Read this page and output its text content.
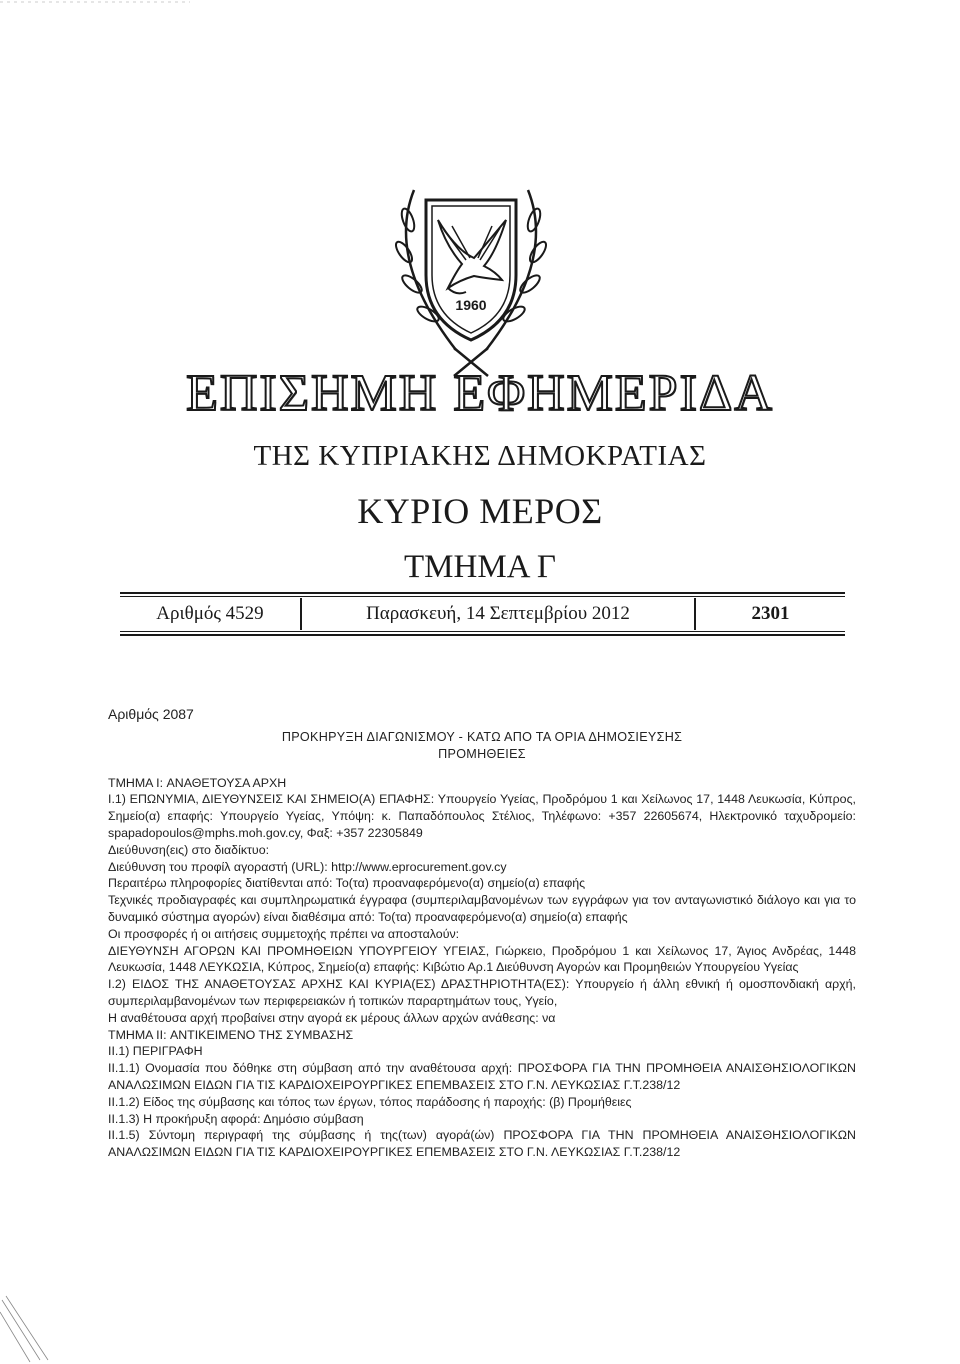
1960
ΕΠΙΣΗΜΗ ΕΦΗΜΕΡΙΔΑ
ΤΗΣ ΚΥΠΡΙΑΚΗΣ ΔΗΜΟΚΡΑΤΙΑΣ
ΚΥΡΙΟ ΜΕΡΟΣ
ΤΜΗΜΑ Γ
Αριθμός 4529	Παρασκευή, 14 Σεπτεμβρίου 2012	2301
Αριθμός 2087
ΠΡΟΚΗΡΥΞΗ ΔΙΑΓΩΝΙΣΜΟΥ - ΚΑΤΩ ΑΠΟ ΤΑ ΟΡΙΑ ΔΗΜΟΣΙΕΥΣΗΣ
ΠΡΟΜΗΘΕΙΕΣ

ΤΜΗΜΑ I: ΑΝΑΘΕΤΟΥΣΑ ΑΡΧΗ

I.1) ΕΠΩΝΥΜΙΑ, ΔΙΕΥΘΥΝΣΕΙΣ ΚΑΙ ΣΗΜΕΙΟ(Α) ΕΠΑΦΗΣ: Υπουργείο Υγείας, Προδρόμου 1 και Χείλωνος 17, 1448 Λευκωσία, Κύπρος, Σημείο(α) επαφής: Υπουργείο Υγείας, Υπόψη: κ. Παπαδόπουλος Στέλιος, Τηλέφωνο: +357 22605674, Ηλεκτρονικό ταχυδρομείο: spapadopoulos@mphs.moh.gov.cy, Φαξ: +357 22305849

Διεύθυνση(εις) στο διαδίκτυο:

Διεύθυνση του προφίλ αγοραστή (URL): http://www.eprocurement.gov.cy

Περαιτέρω πληροφορίες διατίθενται από: Το(τα) προαναφερόμενο(α) σημείο(α) επαφής

Τεχνικές προδιαγραφές και συμπληρωματικά έγγραφα (συμπεριλαμβανομένων των εγγράφων για τον ανταγωνιστικό διάλογο και για το δυναμικό σύστημα αγορών) είναι διαθέσιμα από: Το(τα) προαναφερόμενο(α) σημείο(α) επαφής

Οι προσφορές ή οι αιτήσεις συμμετοχής πρέπει να αποσταλούν:

ΔΙΕΥΘΥΝΣΗ ΑΓΟΡΩΝ ΚΑΙ ΠΡΟΜΗΘΕΙΩΝ ΥΠΟΥΡΓΕΙΟΥ ΥΓΕΙΑΣ, Γιώρκειο, Προδρόμου 1 και Χείλωνος 17, Άγιος Ανδρέας, 1448 Λευκωσία, 1448 ΛΕΥΚΩΣΙΑ, Κύπρος, Σημείο(α) επαφής: Κιβώτιο Αρ.1 Διεύθυνση Αγορών και Προμηθειών Υπουργείου Υγείας

I.2) ΕΙΔΟΣ ΤΗΣ ΑΝΑΘΕΤΟΥΣΑΣ ΑΡΧΗΣ ΚΑΙ ΚΥΡΙΑ(ΕΣ) ΔΡΑΣΤΗΡΙΟΤΗΤΑ(ΕΣ): Υπουργείο ή άλλη εθνική ή ομοσπονδιακή αρχή, συμπεριλαμβανομένων των περιφερειακών ή τοπικών παραρτημάτων τους, Υγείο,

Η αναθέτουσα αρχή προβαίνει στην αγορά εκ μέρους άλλων αρχών ανάθεσης: να

ΤΜΗΜΑ II: ΑΝΤΙΚΕΙΜΕΝΟ ΤΗΣ ΣΥΜΒΑΣΗΣ

II.1) ΠΕΡΙΓΡΑΦΗ

II.1.1) Ονομασία που δόθηκε στη σύμβαση από την αναθέτουσα αρχή: ΠΡΟΣΦΟΡΑ ΓΙΑ ΤΗΝ ΠΡΟΜΗΘΕΙΑ ΑΝΑΙΣΘΗΣΙΟΛΟΓΙΚΩΝ ΑΝΑΛΩΣΙΜΩΝ ΕΙΔΩΝ ΓΙΑ ΤΙΣ ΚΑΡΔΙΟΧΕΙΡΟΥΡΓΙΚΕΣ ΕΠΕΜΒΑΣΕΙΣ ΣΤΟ Γ.Ν. ΛΕΥΚΩΣΙΑΣ Γ.Τ.238/12

II.1.2) Είδος της σύμβασης και τόπος των έργων, τόπος παράδοσης ή παροχής: (β) Προμήθειες

II.1.3) Η προκήρυξη αφορά: Δημόσιο σύμβαση

II.1.5) Σύντομη περιγραφή της σύμβασης ή της(των) αγορά(ών) ΠΡΟΣΦΟΡΑ ΓΙΑ ΤΗΝ ΠΡΟΜΗΘΕΙΑ ΑΝΑΙΣΘΗΣΙΟΛΟΓΙΚΩΝ ΑΝΑΛΩΣΙΜΩΝ ΕΙΔΩΝ ΓΙΑ ΤΙΣ ΚΑΡΔΙΟΧΕΙΡΟΥΡΓΙΚΕΣ ΕΠΕΜΒΑΣΕΙΣ ΣΤΟ Γ.Ν. ΛΕΥΚΩΣΙΑΣ Γ.Τ.238/12
